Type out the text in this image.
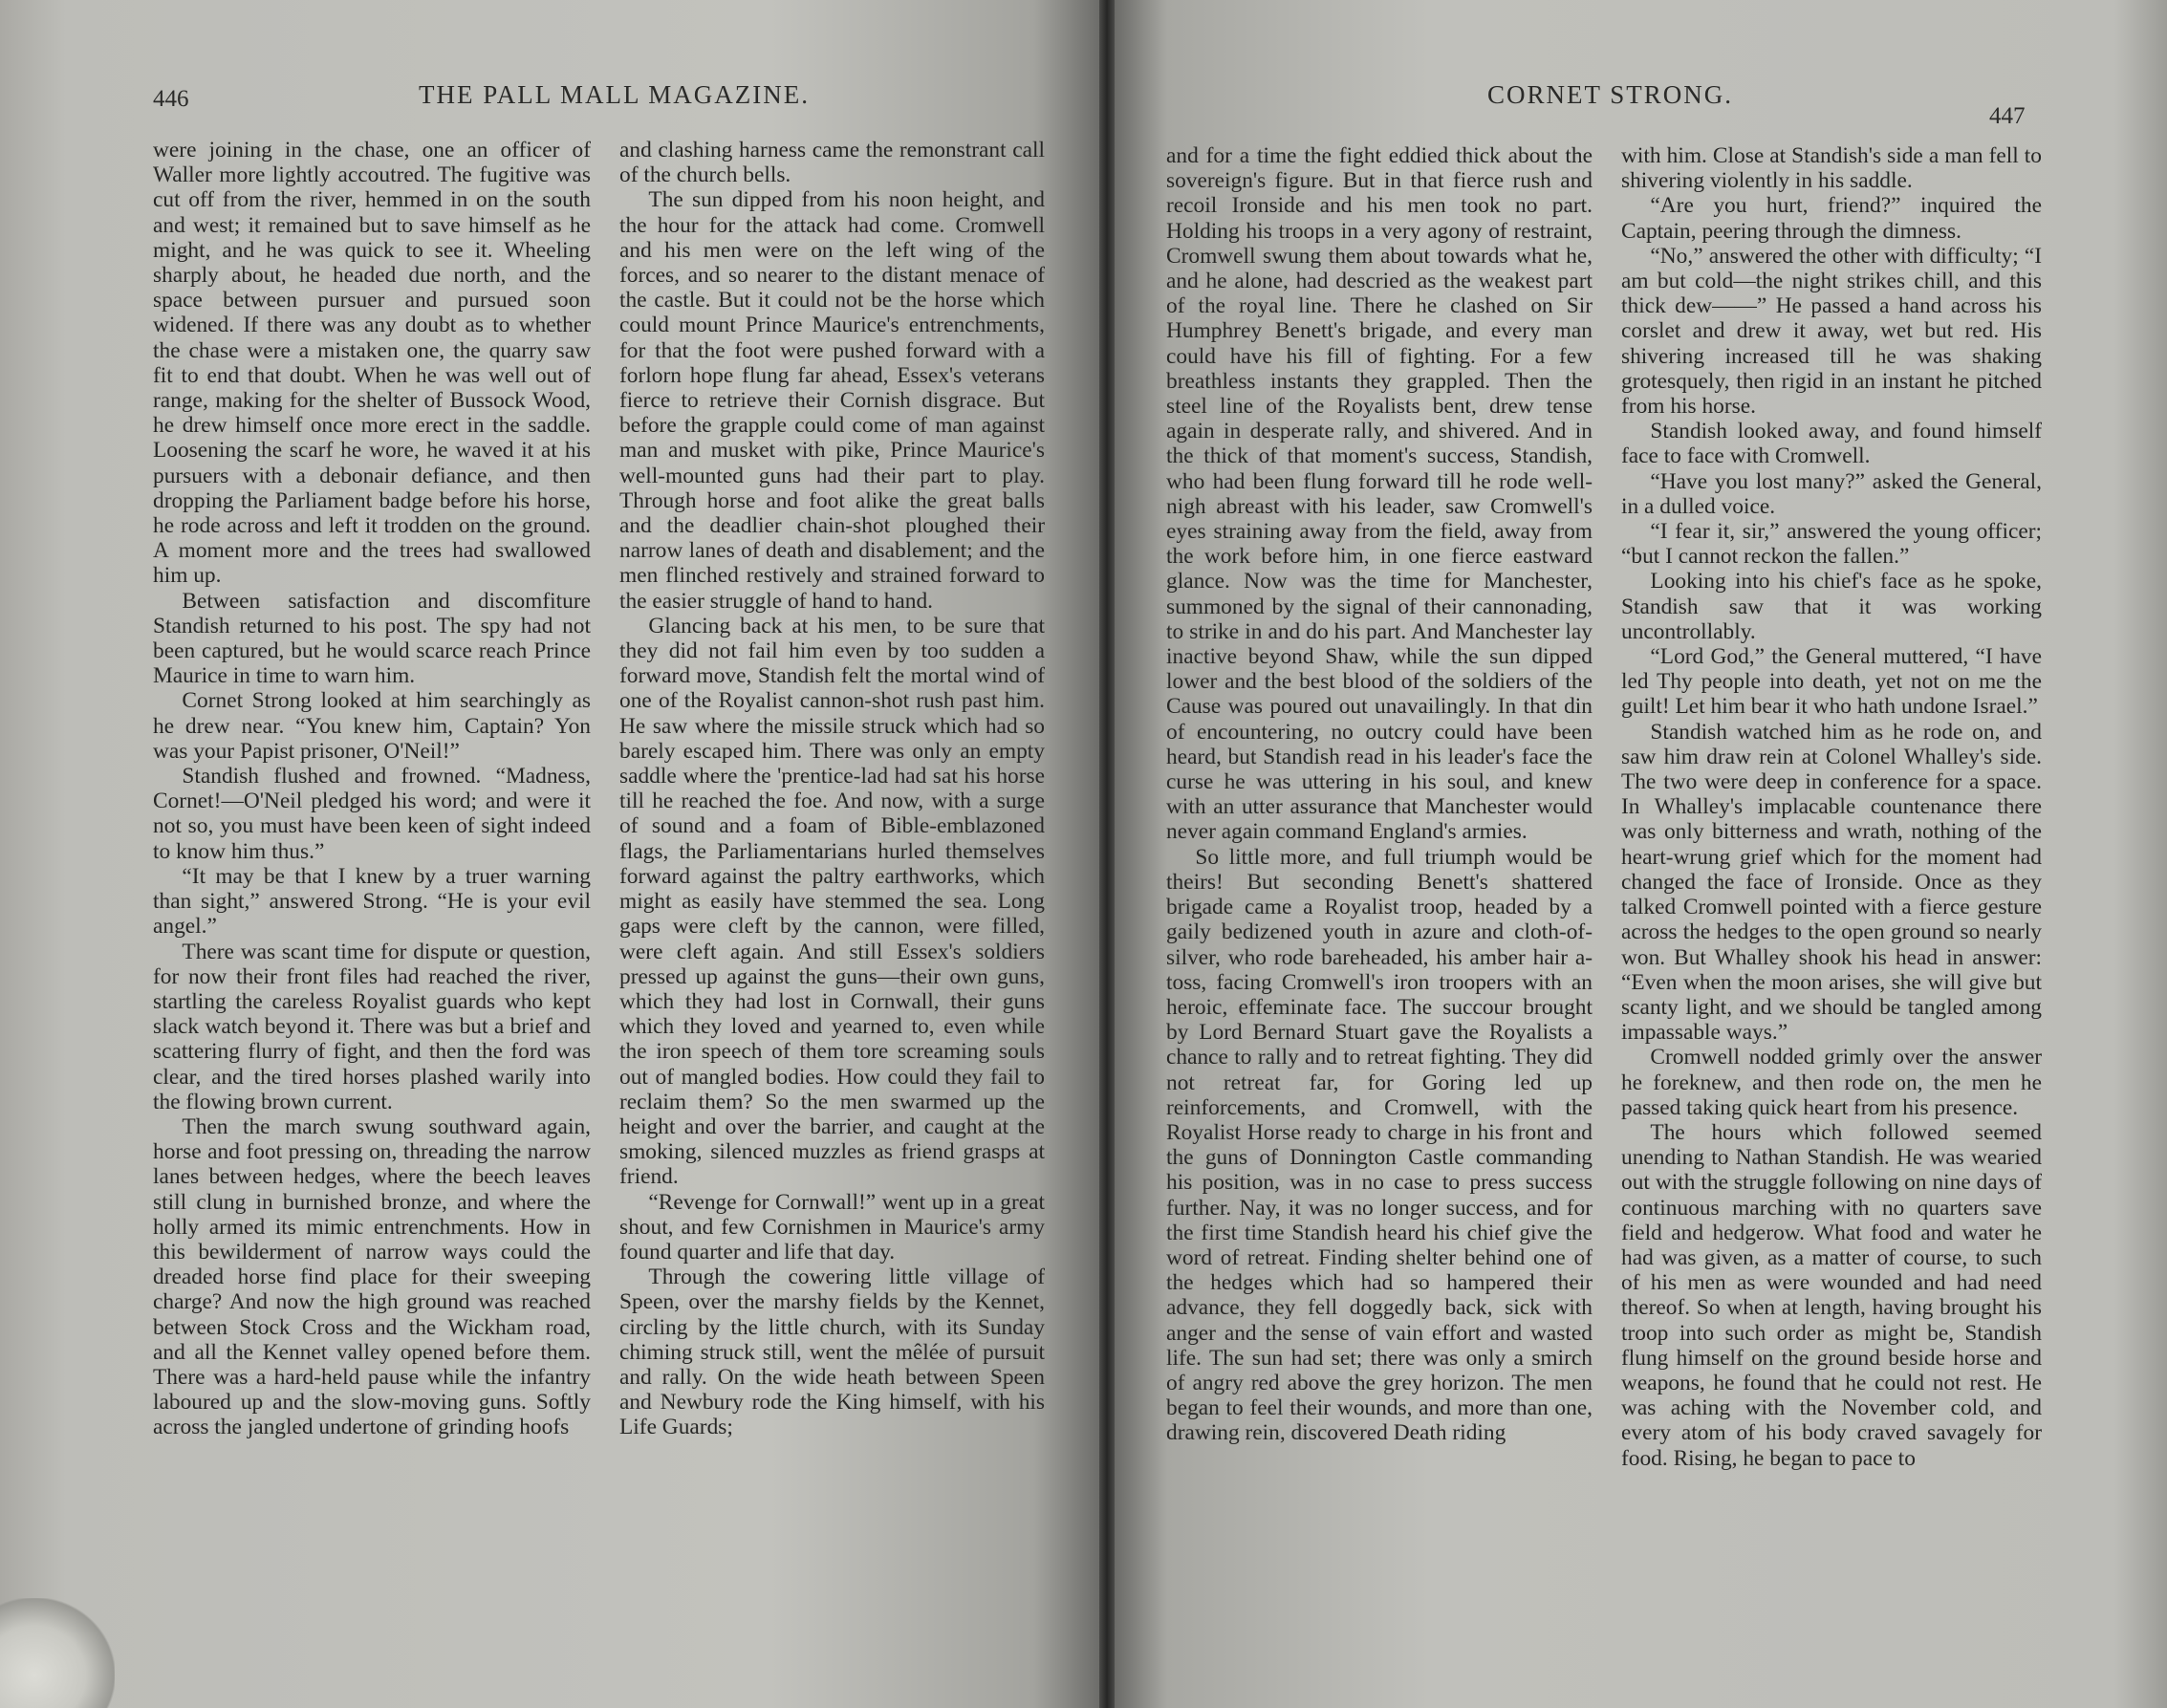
446	THE PALL MALL MAGAZINE.

were joining in the chase, one an officer of Waller more lightly accoutred. The fugitive was cut off from the river, hemmed in on the south and west; it remained but to save himself as he might, and he was quick to see it. Wheeling sharply about, he headed due north, and the space between pursuer and pursued soon widened. If there was any doubt as to whether the chase were a mistaken one, the quarry saw fit to end that doubt. When he was well out of range, making for the shelter of Bussock Wood, he drew himself once more erect in the saddle. Loosening the scarf he wore, he waved it at his pursuers with a debonair defiance, and then dropping the Parliament badge before his horse, he rode across and left it trodden on the ground. A moment more and the trees had swallowed him up.

Between satisfaction and discomfiture Standish returned to his post. The spy had not been captured, but he would scarce reach Prince Maurice in time to warn him.

Cornet Strong looked at him searchingly as he drew near. “You knew him, Captain? Yon was your Papist prisoner, O'Neil!”

Standish flushed and frowned. “Madness, Cornet!—O'Neil pledged his word; and were it not so, you must have been keen of sight indeed to know him thus.”

“It may be that I knew by a truer warning than sight,” answered Strong. “He is your evil angel.”

There was scant time for dispute or question, for now their front files had reached the river, startling the careless Royalist guards who kept slack watch beyond it. There was but a brief and scattering flurry of fight, and then the ford was clear, and the tired horses plashed warily into the flowing brown current.

Then the march swung southward again, horse and foot pressing on, threading the narrow lanes between hedges, where the beech leaves still clung in burnished bronze, and where the holly armed its mimic entrenchments. How in this bewilderment of narrow ways could the dreaded horse find place for their sweeping charge? And now the high ground was reached between Stock Cross and the Wickham road, and all the Kennet valley opened before them. There was a hard-held pause while the infantry laboured up and the slow-moving guns. Softly across the jangled undertone of grinding hoofs

and clashing harness came the remonstrant call of the church bells.

The sun dipped from his noon height, and the hour for the attack had come. Cromwell and his men were on the left wing of the forces, and so nearer to the distant menace of the castle. But it could not be the horse which could mount Prince Maurice's entrenchments, for that the foot were pushed forward with a forlorn hope flung far ahead, Essex's veterans fierce to retrieve their Cornish disgrace. But before the grapple could come of man against man and musket with pike, Prince Maurice's well-mounted guns had their part to play. Through horse and foot alike the great balls and the deadlier chain-shot ploughed their narrow lanes of death and disablement; and the men flinched restively and strained forward to the easier struggle of hand to hand.

Glancing back at his men, to be sure that they did not fail him even by too sudden a forward move, Standish felt the mortal wind of one of the Royalist cannon-shot rush past him. He saw where the missile struck which had so barely escaped him. There was only an empty saddle where the 'prentice-lad had sat his horse till he reached the foe. And now, with a surge of sound and a foam of Bible-emblazoned flags, the Parliamentarians hurled themselves forward against the paltry earthworks, which might as easily have stemmed the sea. Long gaps were cleft by the cannon, were filled, were cleft again. And still Essex's soldiers pressed up against the guns—their own guns, which they had lost in Cornwall, their guns which they loved and yearned to, even while the iron speech of them tore screaming souls out of mangled bodies. How could they fail to reclaim them? So the men swarmed up the height and over the barrier, and caught at the smoking, silenced muzzles as friend grasps at friend.

“Revenge for Cornwall!” went up in a great shout, and few Cornishmen in Maurice's army found quarter and life that day.

Through the cowering little village of Speen, over the marshy fields by the Kennet, circling by the little church, with its Sunday chiming struck still, went the mêlée of pursuit and rally. On the wide heath between Speen and Newbury rode the King himself, with his Life Guards;

CORNET STRONG.
447

and for a time the fight eddied thick about the sovereign's figure. But in that fierce rush and recoil Ironside and his men took no part. Holding his troops in a very agony of restraint, Cromwell swung them about towards what he, and he alone, had descried as the weakest part of the royal line. There he clashed on Sir Humphrey Benett's brigade, and every man could have his fill of fighting. For a few breathless instants they grappled. Then the steel line of the Royalists bent, drew tense again in desperate rally, and shivered. And in the thick of that moment's success, Standish, who had been flung forward till he rode well-nigh abreast with his leader, saw Cromwell's eyes straining away from the field, away from the work before him, in one fierce eastward glance. Now was the time for Manchester, summoned by the signal of their cannonading, to strike in and do his part. And Manchester lay inactive beyond Shaw, while the sun dipped lower and the best blood of the soldiers of the Cause was poured out unavailingly. In that din of encountering, no outcry could have been heard, but Standish read in his leader's face the curse he was uttering in his soul, and knew with an utter assurance that Manchester would never again command England's armies.

So little more, and full triumph would be theirs! But seconding Benett's shattered brigade came a Royalist troop, headed by a gaily bedizened youth in azure and cloth-of-silver, who rode bareheaded, his amber hair a-toss, facing Cromwell's iron troopers with an heroic, effeminate face. The succour brought by Lord Bernard Stuart gave the Royalists a chance to rally and to retreat fighting. They did not retreat far, for Goring led up reinforcements, and Cromwell, with the Royalist Horse ready to charge in his front and the guns of Donnington Castle commanding his position, was in no case to press success further. Nay, it was no longer success, and for the first time Standish heard his chief give the word of retreat. Finding shelter behind one of the hedges which had so hampered their advance, they fell doggedly back, sick with anger and the sense of vain effort and wasted life. The sun had set; there was only a smirch of angry red above the grey horizon. The men began to feel their wounds, and more than one, drawing rein, discovered Death riding

with him. Close at Standish's side a man fell to shivering violently in his saddle.

“Are you hurt, friend?” inquired the Captain, peering through the dimness.

“No,” answered the other with difficulty; “I am but cold—the night strikes chill, and this thick dew——” He passed a hand across his corslet and drew it away, wet but red. His shivering increased till he was shaking grotesquely, then rigid in an instant he pitched from his horse.

Standish looked away, and found himself face to face with Cromwell.

“Have you lost many?” asked the General, in a dulled voice.

“I fear it, sir,” answered the young officer; “but I cannot reckon the fallen.”

Looking into his chief's face as he spoke, Standish saw that it was working uncontrollably.

“Lord God,” the General muttered, “I have led Thy people into death, yet not on me the guilt! Let him bear it who hath undone Israel.”

Standish watched him as he rode on, and saw him draw rein at Colonel Whalley's side. The two were deep in conference for a space. In Whalley's implacable countenance there was only bitterness and wrath, nothing of the heart-wrung grief which for the moment had changed the face of Ironside. Once as they talked Cromwell pointed with a fierce gesture across the hedges to the open ground so nearly won. But Whalley shook his head in answer: “Even when the moon arises, she will give but scanty light, and we should be tangled among impassable ways.”

Cromwell nodded grimly over the answer he foreknew, and then rode on, the men he passed taking quick heart from his presence.

The hours which followed seemed unending to Nathan Standish. He was wearied out with the struggle following on nine days of continuous marching with no quarters save field and hedgerow. What food and water he had was given, as a matter of course, to such of his men as were wounded and had need thereof. So when at length, having brought his troop into such order as might be, Standish flung himself on the ground beside horse and weapons, he found that he could not rest. He was aching with the November cold, and every atom of his body craved savagely for food. Rising, he began to pace to
